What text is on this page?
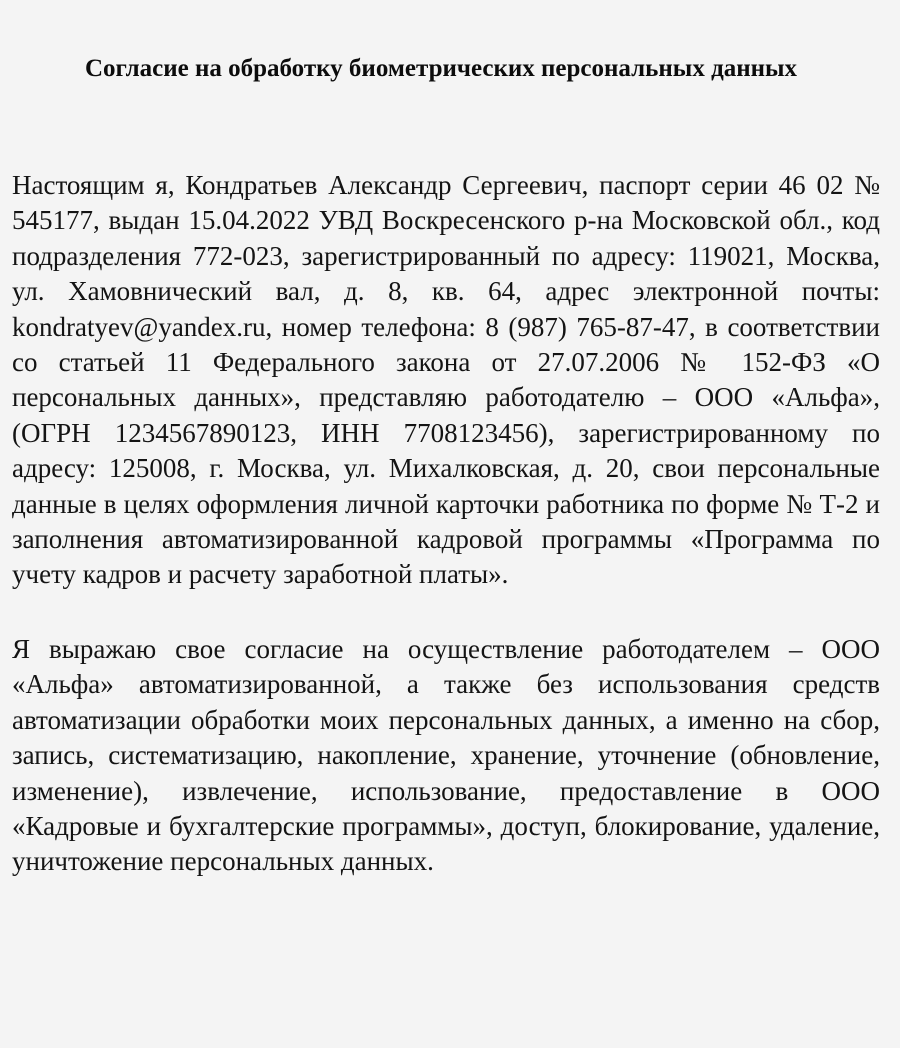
Согласие на обработку биометрических персональных данных

Настоящим я, Кондратьев Александр Сергеевич, паспорт серии 46 02 № 545177, выдан 15.04.2022 УВД Воскресенского р-на Московской обл., код подразделения 772-023, зарегистрированный по адресу: 119021, Москва, ул. Хамовнический вал, д. 8, кв. 64, адрес электронной почты: kondratyev@yandex.ru, номер телефона: 8 (987) 765-87-47, в соответствии со статьей 11 Федерального закона от 27.07.2006 № 152-ФЗ «О персональных данных», представляю работодателю – ООО «Альфа», (ОГРН 1234567890123, ИНН 7708123456), зарегистрированному по адресу: 125008, г. Москва, ул. Михалковская, д. 20, свои персональные данные в целях оформления личной карточки работника по форме № Т-2 и заполнения автоматизированной кадровой программы «Программа по учету кадров и расчету заработной платы».

Я выражаю свое согласие на осуществление работодателем – ООО «Альфа» автоматизированной, а также без использования средств автоматизации обработки моих персональных данных, а именно на сбор, запись, систематизацию, накопление, хранение, уточнение (обновление, изменение), извлечение, использование, предоставление в ООО «Кадровые и бухгалтерские программы», доступ, блокирование, удаление, уничтожение персональных данных.
